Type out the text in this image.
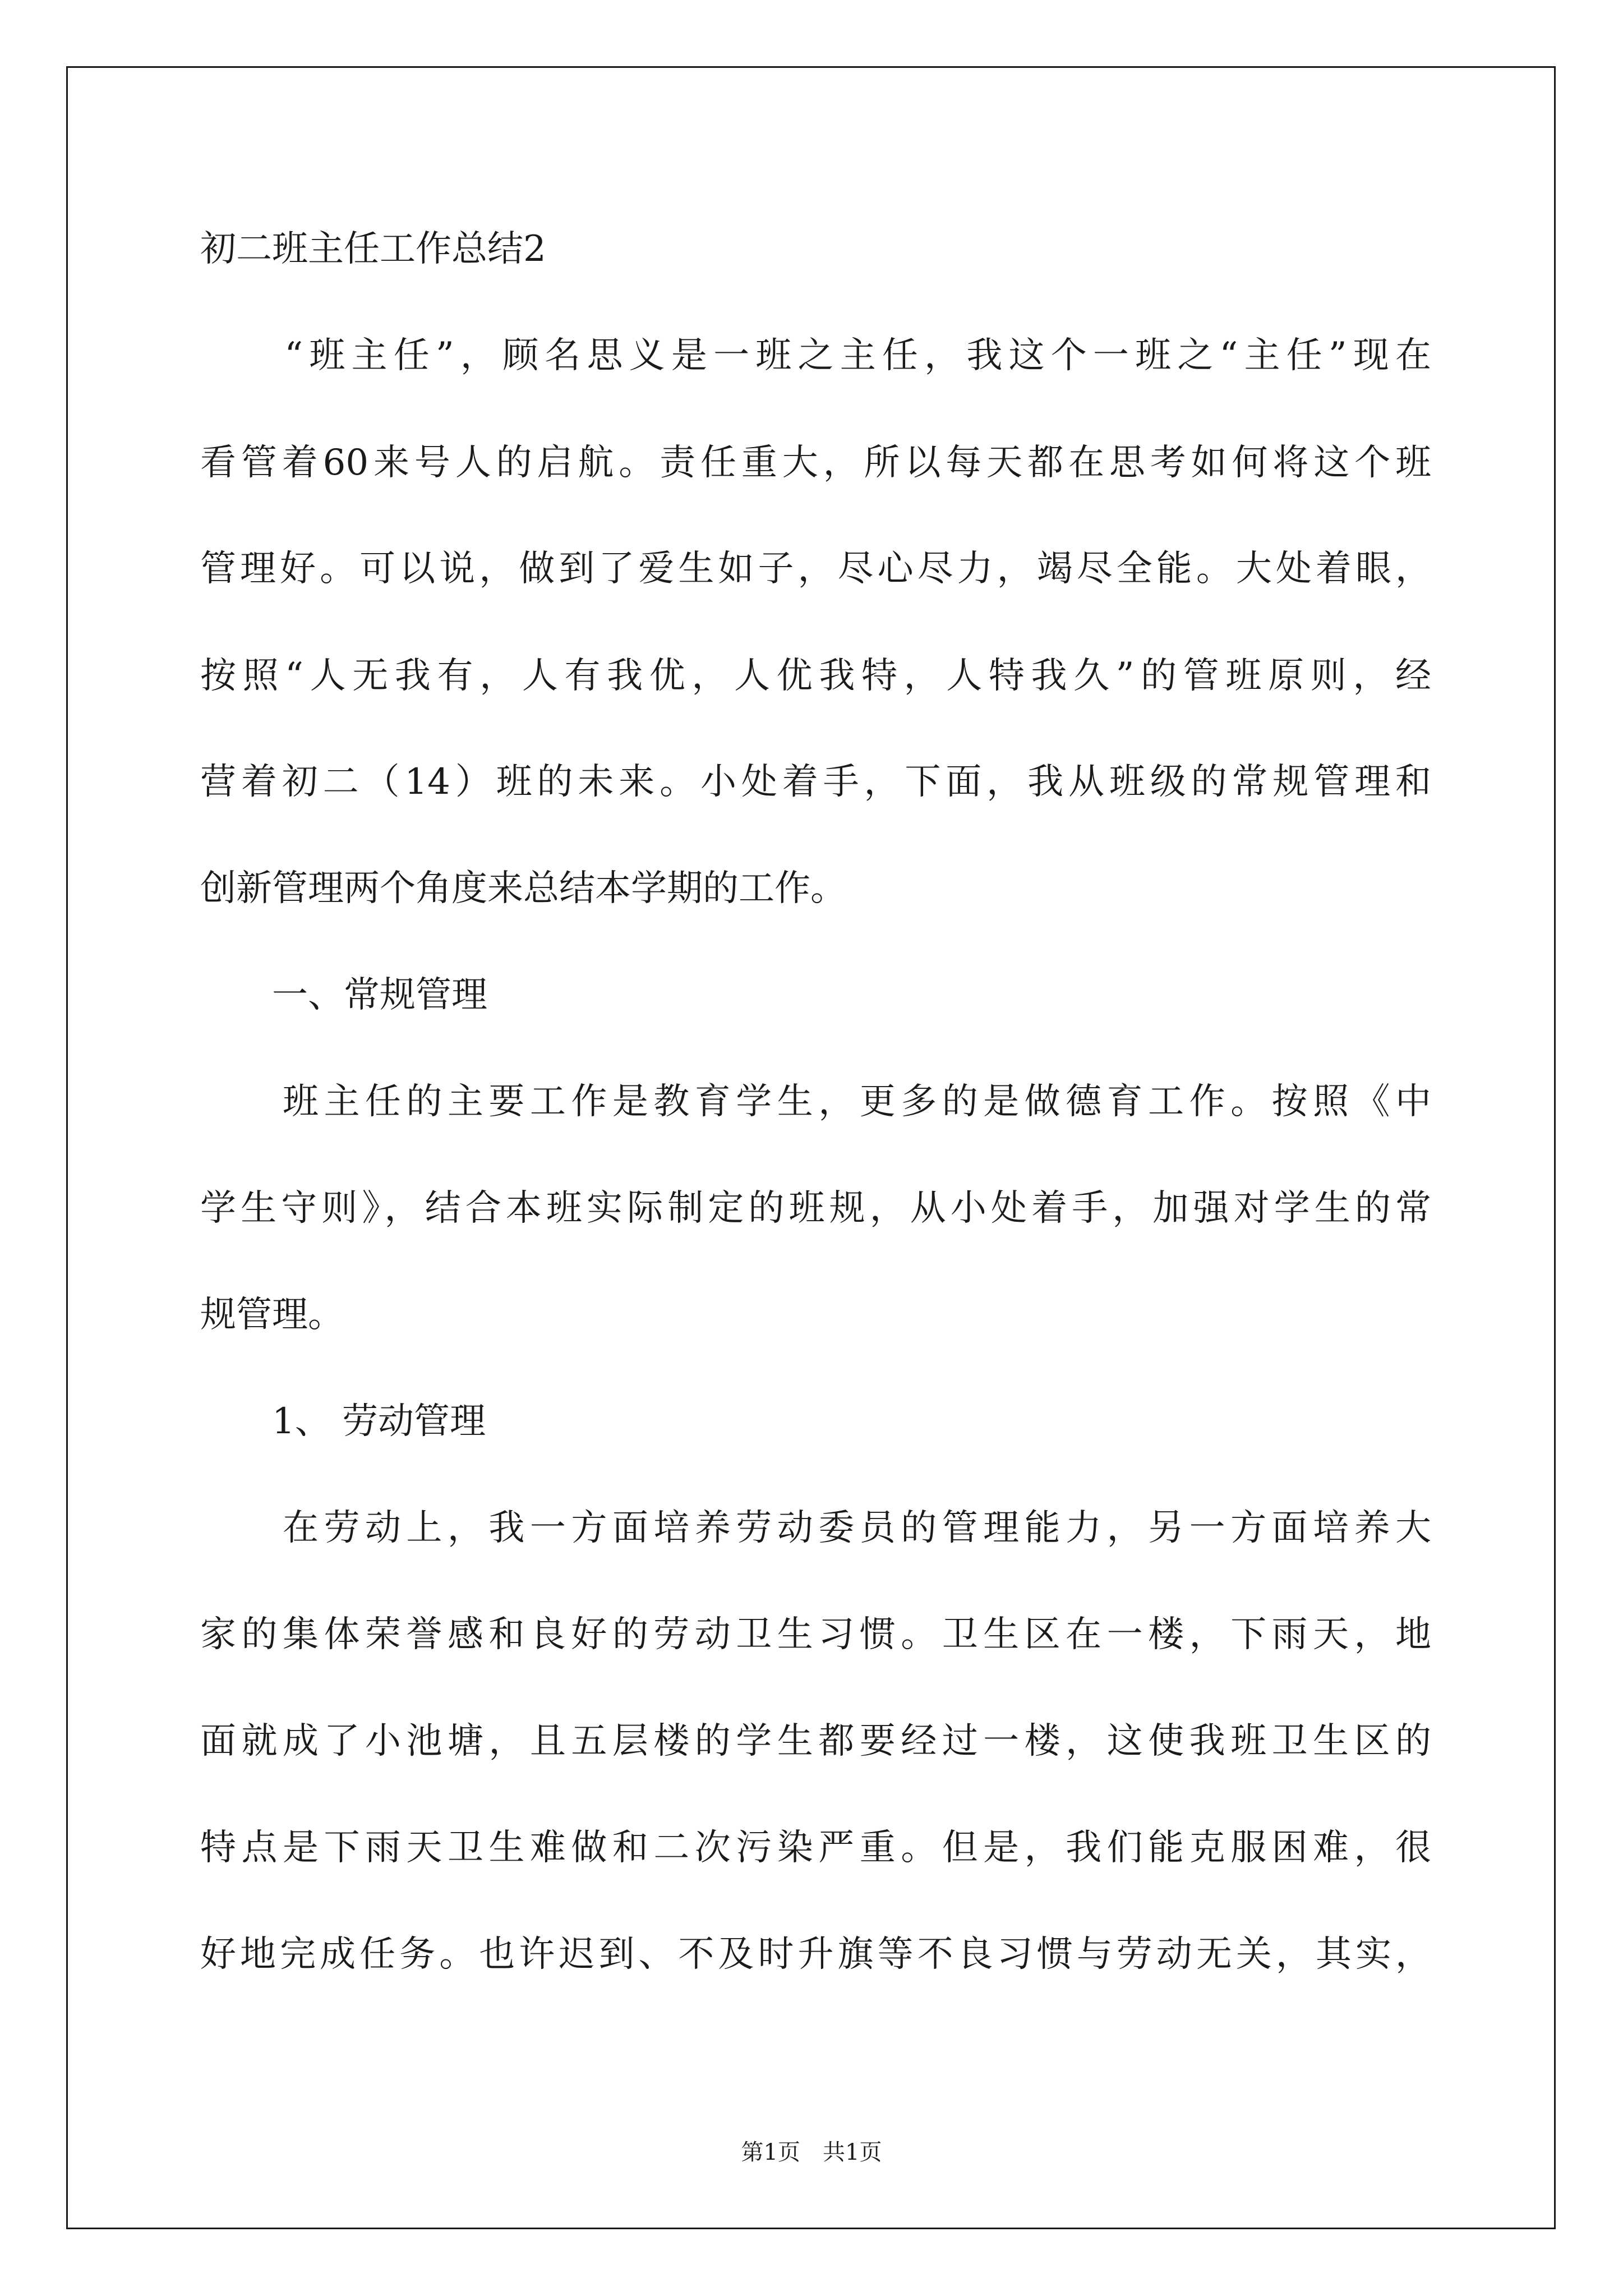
初二班主任工作总结2
　　“班主任”，顾名思义是一班之主任，我这个一班之“主任”现在
看管着60来号人的启航。责任重大，所以每天都在思考如何将这个班
管理好。可以说，做到了爱生如子，尽心尽力，竭尽全能。大处着眼，
按照“人无我有，人有我优，人优我特，人特我久”的管班原则，经
营着初二（14）班的未来。小处着手，下面，我从班级的常规管理和
创新管理两个角度来总结本学期的工作。
　　一、常规管理
　　班主任的主要工作是教育学生，更多的是做德育工作。按照《中
学生守则》，结合本班实际制定的班规，从小处着手，加强对学生的常
规管理。
　　1、 劳动管理
　　在劳动上，我一方面培养劳动委员的管理能力，另一方面培养大
家的集体荣誉感和良好的劳动卫生习惯。卫生区在一楼，下雨天，地
面就成了小池塘，且五层楼的学生都要经过一楼，这使我班卫生区的
特点是下雨天卫生难做和二次污染严重。但是，我们能克服困难，很
好地完成任务。也许迟到、不及时升旗等不良习惯与劳动无关，其实，
第1页　共1页
